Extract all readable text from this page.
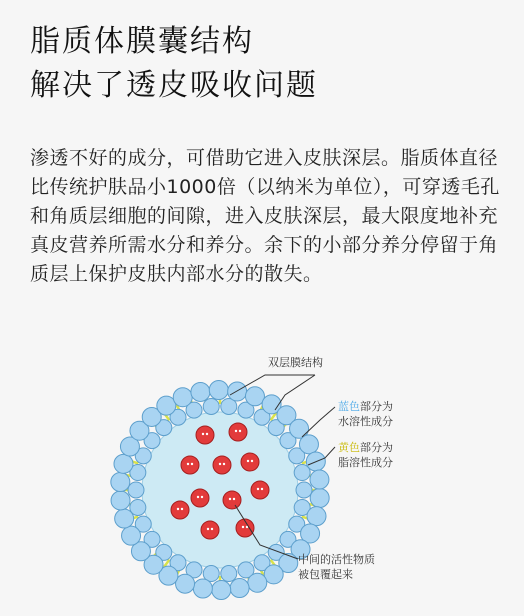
脂质体膜囊结构
解决了透皮吸收问题

渗透不好的成分，可借助它进入皮肤深层。脂质体直径比传统护肤品小1000倍（以纳米为单位），可穿透毛孔和角质层细胞的间隙，进入皮肤深层，最大限度地补充真皮营养所需水分和养分。余下的小部分养分停留于角质层上保护皮肤内部水分的散失。

双层膜结构
蓝色部分为
水溶性成分
黄色部分为
脂溶性成分
中间的活性物质
被包覆起来
